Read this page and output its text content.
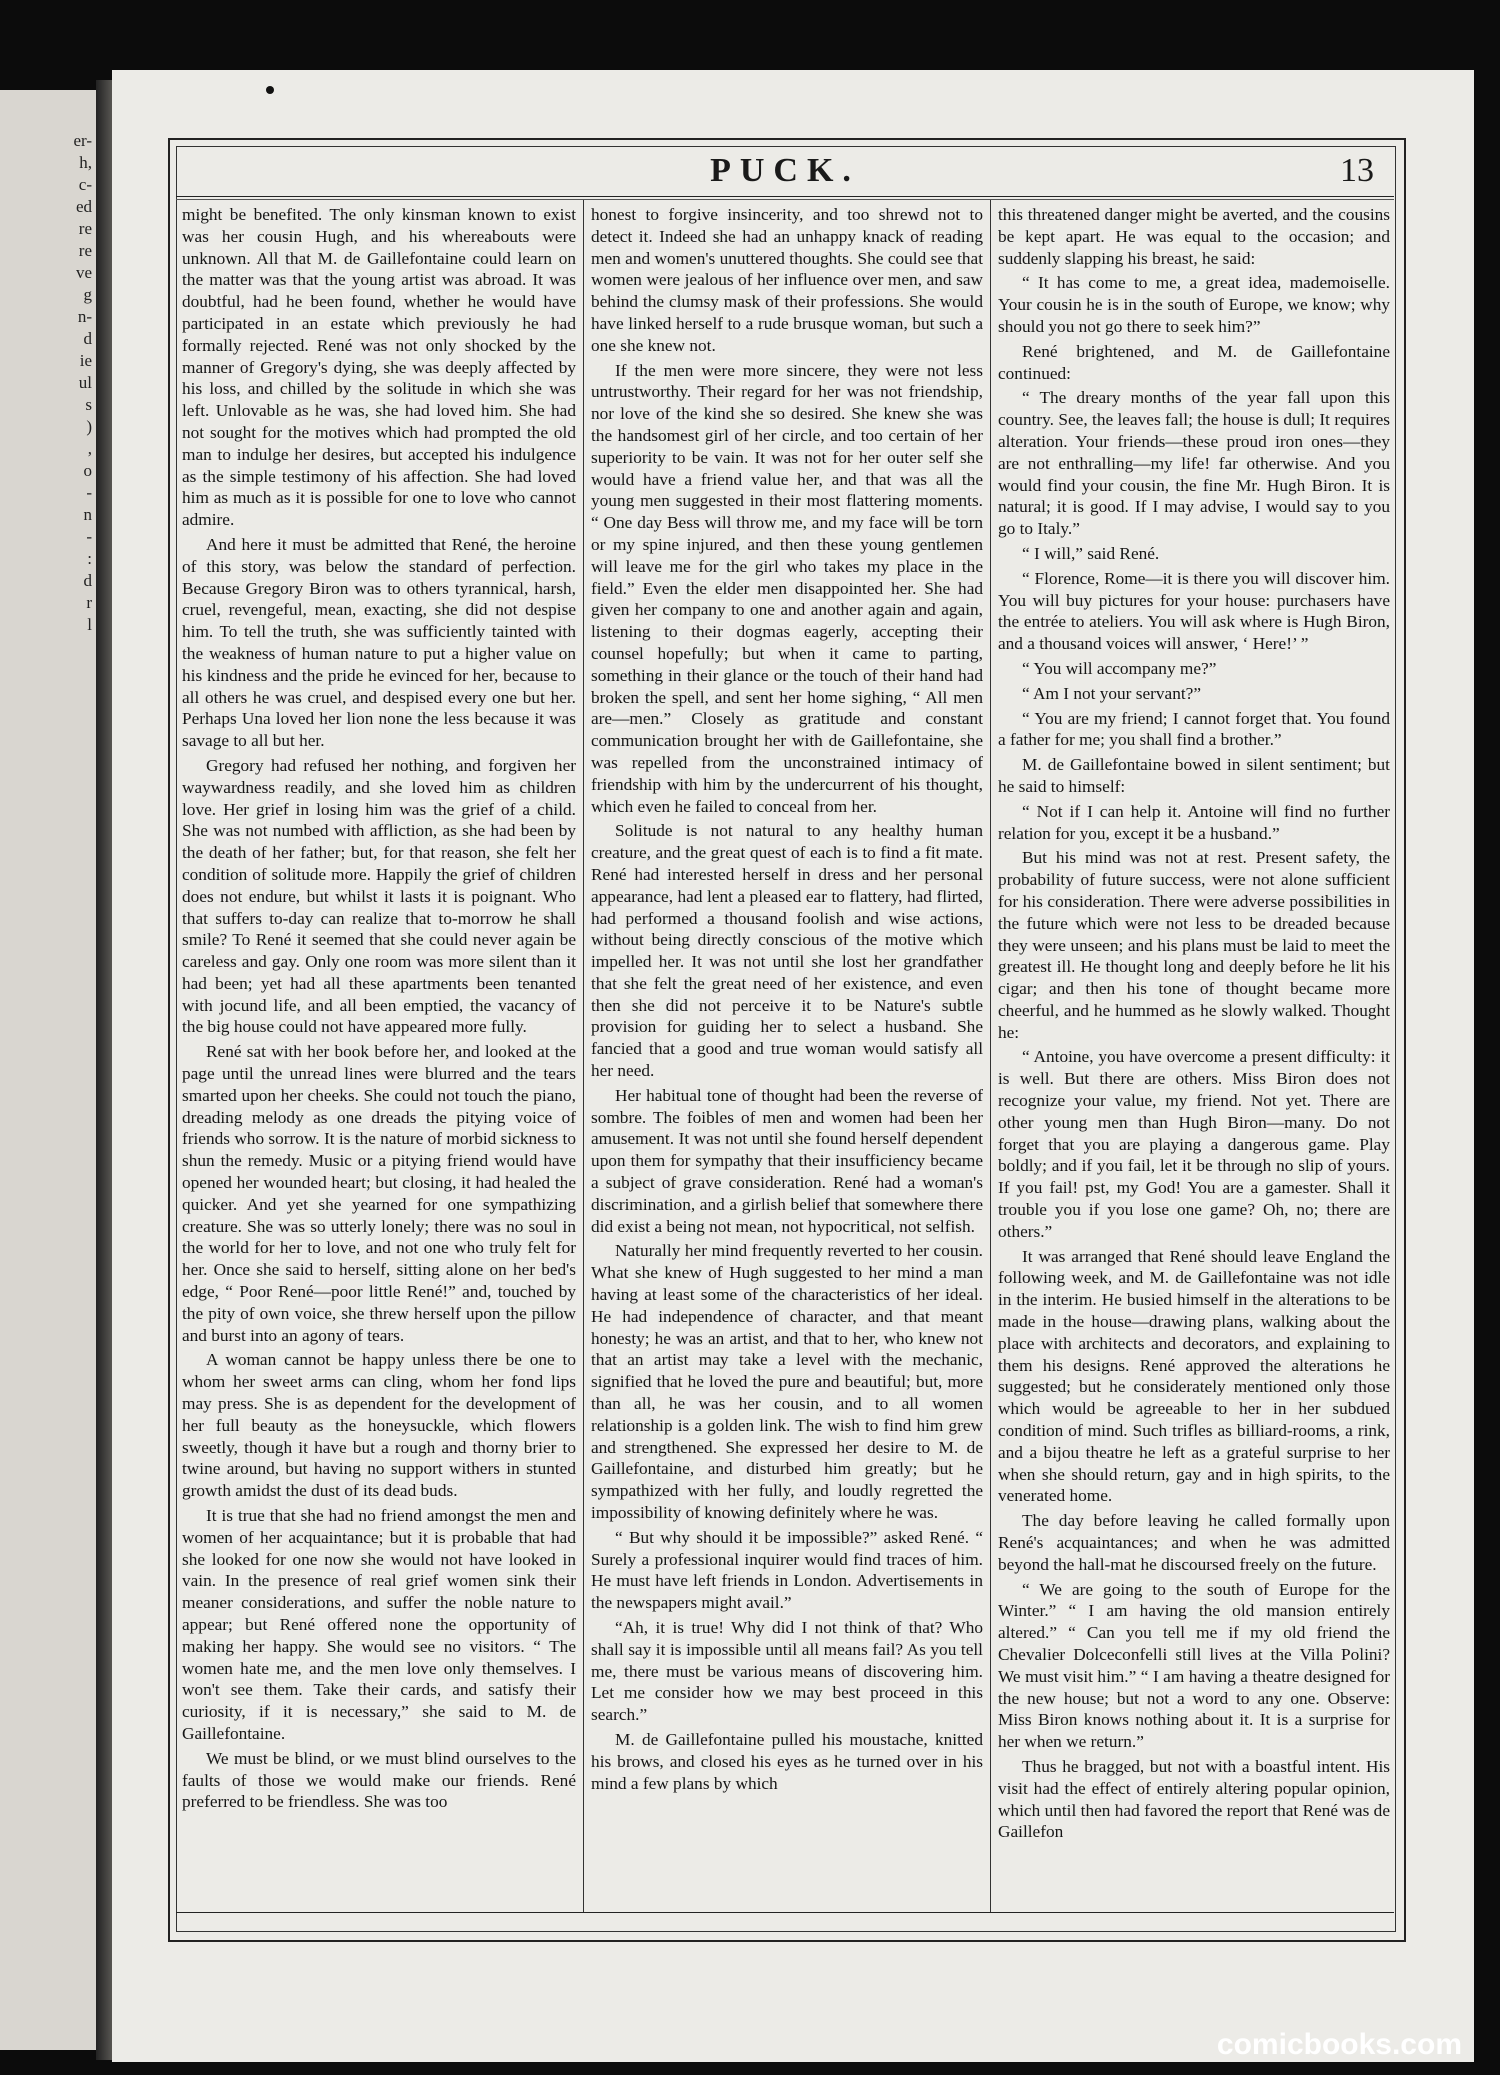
er-
h,
c-
ed
re
re
ve
g
n-
d
ie
ul
s
)
,
o
-
n
-
:
d
r
l
PUCK.	13

might be benefited. The only kinsman known to exist was her cousin Hugh, and his whereabouts were unknown. All that M. de Gaillefontaine could learn on the matter was that the young artist was abroad. It was doubtful, had he been found, whether he would have participated in an estate which previously he had formally rejected. René was not only shocked by the manner of Gregory's dying, she was deeply affected by his loss, and chilled by the solitude in which she was left. Unlovable as he was, she had loved him. She had not sought for the motives which had prompted the old man to indulge her desires, but accepted his indulgence as the simple testimony of his affection. She had loved him as much as it is possible for one to love who cannot admire.

And here it must be admitted that René, the heroine of this story, was below the standard of perfection. Because Gregory Biron was to others tyrannical, harsh, cruel, revengeful, mean, exacting, she did not despise him. To tell the truth, she was sufficiently tainted with the weakness of human nature to put a higher value on his kindness and the pride he evinced for her, because to all others he was cruel, and despised every one but her. Perhaps Una loved her lion none the less because it was savage to all but her.

Gregory had refused her nothing, and forgiven her waywardness readily, and she loved him as children love. Her grief in losing him was the grief of a child. She was not numbed with affliction, as she had been by the death of her father; but, for that reason, she felt her condition of solitude more. Happily the grief of children does not endure, but whilst it lasts it is poignant. Who that suffers to-day can realize that to-morrow he shall smile? To René it seemed that she could never again be careless and gay. Only one room was more silent than it had been; yet had all these apartments been tenanted with jocund life, and all been emptied, the vacancy of the big house could not have appeared more fully.

René sat with her book before her, and looked at the page until the unread lines were blurred and the tears smarted upon her cheeks. She could not touch the piano, dreading melody as one dreads the pitying voice of friends who sorrow. It is the nature of morbid sickness to shun the remedy. Music or a pitying friend would have opened her wounded heart; but closing, it had healed the quicker. And yet she yearned for one sympathizing creature. She was so utterly lonely; there was no soul in the world for her to love, and not one who truly felt for her. Once she said to herself, sitting alone on her bed's edge, “ Poor René—poor little René!” and, touched by the pity of own voice, she threw herself upon the pillow and burst into an agony of tears.

A woman cannot be happy unless there be one to whom her sweet arms can cling, whom her fond lips may press. She is as dependent for the development of her full beauty as the honeysuckle, which flowers sweetly, though it have but a rough and thorny brier to twine around, but having no support withers in stunted growth amidst the dust of its dead buds.

It is true that she had no friend amongst the men and women of her acquaintance; but it is probable that had she looked for one now she would not have looked in vain. In the presence of real grief women sink their meaner considerations, and suffer the noble nature to appear; but René offered none the opportunity of making her happy. She would see no visitors. “ The women hate me, and the men love only themselves. I won't see them. Take their cards, and satisfy their curiosity, if it is necessary,” she said to M. de Gaillefontaine.

We must be blind, or we must blind ourselves to the faults of those we would make our friends. René preferred to be friendless. She was too

honest to forgive insincerity, and too shrewd not to detect it. Indeed she had an unhappy knack of reading men and women's unuttered thoughts. She could see that women were jealous of her influence over men, and saw behind the clumsy mask of their professions. She would have linked herself to a rude brusque woman, but such a one she knew not.

If the men were more sincere, they were not less untrustworthy. Their regard for her was not friendship, nor love of the kind she so desired. She knew she was the handsomest girl of her circle, and too certain of her superiority to be vain. It was not for her outer self she would have a friend value her, and that was all the young men suggested in their most flattering moments. “ One day Bess will throw me, and my face will be torn or my spine injured, and then these young gentlemen will leave me for the girl who takes my place in the field.” Even the elder men disappointed her. She had given her company to one and another again and again, listening to their dogmas eagerly, accepting their counsel hopefully; but when it came to parting, something in their glance or the touch of their hand had broken the spell, and sent her home sighing, “ All men are—men.” Closely as gratitude and constant communication brought her with de Gaillefontaine, she was repelled from the unconstrained intimacy of friendship with him by the undercurrent of his thought, which even he failed to conceal from her.

Solitude is not natural to any healthy human creature, and the great quest of each is to find a fit mate. René had interested herself in dress and her personal appearance, had lent a pleased ear to flattery, had flirted, had performed a thousand foolish and wise actions, without being directly conscious of the motive which impelled her. It was not until she lost her grandfather that she felt the great need of her existence, and even then she did not perceive it to be Nature's subtle provision for guiding her to select a husband. She fancied that a good and true woman would satisfy all her need.

Her habitual tone of thought had been the reverse of sombre. The foibles of men and women had been her amusement. It was not until she found herself dependent upon them for sympathy that their insufficiency became a subject of grave consideration. René had a woman's discrimination, and a girlish belief that somewhere there did exist a being not mean, not hypocritical, not selfish.

Naturally her mind frequently reverted to her cousin. What she knew of Hugh suggested to her mind a man having at least some of the characteristics of her ideal. He had independence of character, and that meant honesty; he was an artist, and that to her, who knew not that an artist may take a level with the mechanic, signified that he loved the pure and beautiful; but, more than all, he was her cousin, and to all women relationship is a golden link. The wish to find him grew and strengthened. She expressed her desire to M. de Gaillefontaine, and disturbed him greatly; but he sympathized with her fully, and loudly regretted the impossibility of knowing definitely where he was.

“ But why should it be impossible?” asked René. “ Surely a professional inquirer would find traces of him. He must have left friends in London. Advertisements in the newspapers might avail.”

“Ah, it is true! Why did I not think of that? Who shall say it is impossible until all means fail? As you tell me, there must be various means of discovering him. Let me consider how we may best proceed in this search.”

M. de Gaillefontaine pulled his moustache, knitted his brows, and closed his eyes as he turned over in his mind a few plans by which

this threatened danger might be averted, and the cousins be kept apart. He was equal to the occasion; and suddenly slapping his breast, he said:

“ It has come to me, a great idea, mademoiselle. Your cousin he is in the south of Europe, we know; why should you not go there to seek him?”

René brightened, and M. de Gaillefontaine continued:

“ The dreary months of the year fall upon this country. See, the leaves fall; the house is dull; It requires alteration. Your friends—these proud iron ones—they are not enthralling—my life! far otherwise. And you would find your cousin, the fine Mr. Hugh Biron. It is natural; it is good. If I may advise, I would say to you go to Italy.”

“ I will,” said René.

“ Florence, Rome—it is there you will discover him. You will buy pictures for your house: purchasers have the entrée to ateliers. You will ask where is Hugh Biron, and a thousand voices will answer, ‘ Here!’ ”

“ You will accompany me?”

“ Am I not your servant?”

“ You are my friend; I cannot forget that. You found a father for me; you shall find a brother.”

M. de Gaillefontaine bowed in silent sentiment; but he said to himself:

“ Not if I can help it. Antoine will find no further relation for you, except it be a husband.”

But his mind was not at rest. Present safety, the probability of future success, were not alone sufficient for his consideration. There were adverse possibilities in the future which were not less to be dreaded because they were unseen; and his plans must be laid to meet the greatest ill. He thought long and deeply before he lit his cigar; and then his tone of thought became more cheerful, and he hummed as he slowly walked. Thought he:

“ Antoine, you have overcome a present difficulty: it is well. But there are others. Miss Biron does not recognize your value, my friend. Not yet. There are other young men than Hugh Biron—many. Do not forget that you are playing a dangerous game. Play boldly; and if you fail, let it be through no slip of yours. If you fail! pst, my God! You are a gamester. Shall it trouble you if you lose one game? Oh, no; there are others.”

It was arranged that René should leave England the following week, and M. de Gaillefontaine was not idle in the interim. He busied himself in the alterations to be made in the house—drawing plans, walking about the place with architects and decorators, and explaining to them his designs. René approved the alterations he suggested; but he considerately mentioned only those which would be agreeable to her in her subdued condition of mind. Such trifles as billiard-rooms, a rink, and a bijou theatre he left as a grateful surprise to her when she should return, gay and in high spirits, to the venerated home.

The day before leaving he called formally upon René's acquaintances; and when he was admitted beyond the hall-mat he discoursed freely on the future.

“ We are going to the south of Europe for the Winter.” “ I am having the old mansion entirely altered.” “ Can you tell me if my old friend the Chevalier Dolceconfelli still lives at the Villa Polini? We must visit him.” “ I am having a theatre designed for the new house; but not a word to any one. Observe: Miss Biron knows nothing about it. It is a surprise for her when we return.”

Thus he bragged, but not with a boastful intent. His visit had the effect of entirely altering popular opinion, which until then had favored the report that René was de Gaillefon

comicbooks.com
